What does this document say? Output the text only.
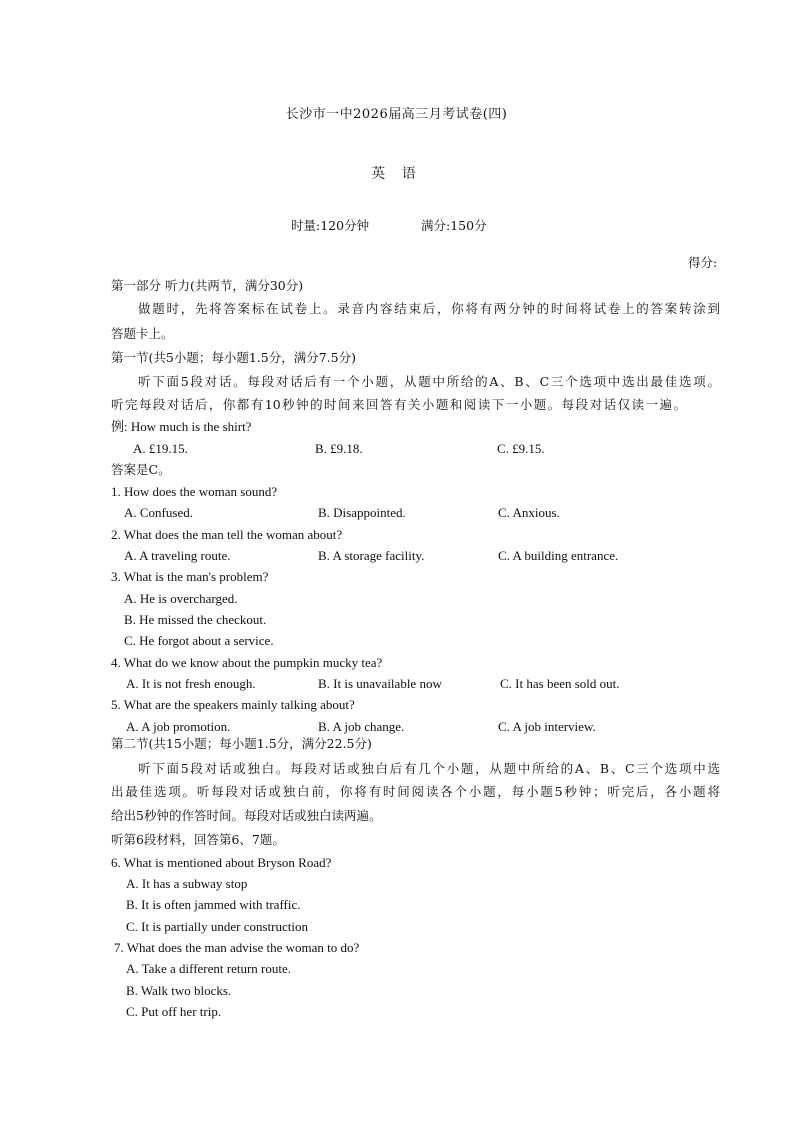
长沙市一中2026届高三月考试卷(四)
英 语
时量:120分钟	满分:150分
得分:
第一部分 听力(共两节，满分30分)
做题时，先将答案标在试卷上。录音内容结束后，你将有两分钟的时间将试卷上的答案转涂到
答题卡上。
第一节(共5小题；每小题1.5分，满分7.5分)
听下面5段对话。每段对话后有一个小题，从题中所给的A、B、C三个选项中选出最佳选项。
听完每段对话后，你都有10秒钟的时间来回答有关小题和阅读下一小题。每段对话仅读一遍。
例: How much is the shirt?
A. £19.15.	B. £9.18.	C. £9.15.
答案是C。
1. How does the woman sound?
A. Confused.	B. Disappointed.	C. Anxious.
2. What does the man tell the woman about?
A. A traveling route.	B. A storage facility.	C. A building entrance.
3. What is the man's problem?
A. He is overcharged.
B. He missed the checkout.
C. He forgot about a service.
4. What do we know about the pumpkin mucky tea?
A. It is not fresh enough.	B. It is unavailable now	C. It has been sold out.
5. What are the speakers mainly talking about?
A. A job promotion.	B. A job change.	C. A job interview.
第二节(共15小题；每小题1.5分，满分22.5分)
听下面5段对话或独白。每段对话或独白后有几个小题，从题中所给的A、B、C三个选项中选
出最佳选项。听每段对话或独白前，你将有时间阅读各个小题，每小题5秒钟；听完后，各小题将
给出5秒钟的作答时间。每段对话或独白读两遍。
听第6段材料，回答第6、7题。
6. What is mentioned about Bryson Road?
A. It has a subway stop
B. It is often jammed with traffic.
C. It is partially under construction
7. What does the man advise the woman to do?
A. Take a different return route.
B. Walk two blocks.
C. Put off her trip.
